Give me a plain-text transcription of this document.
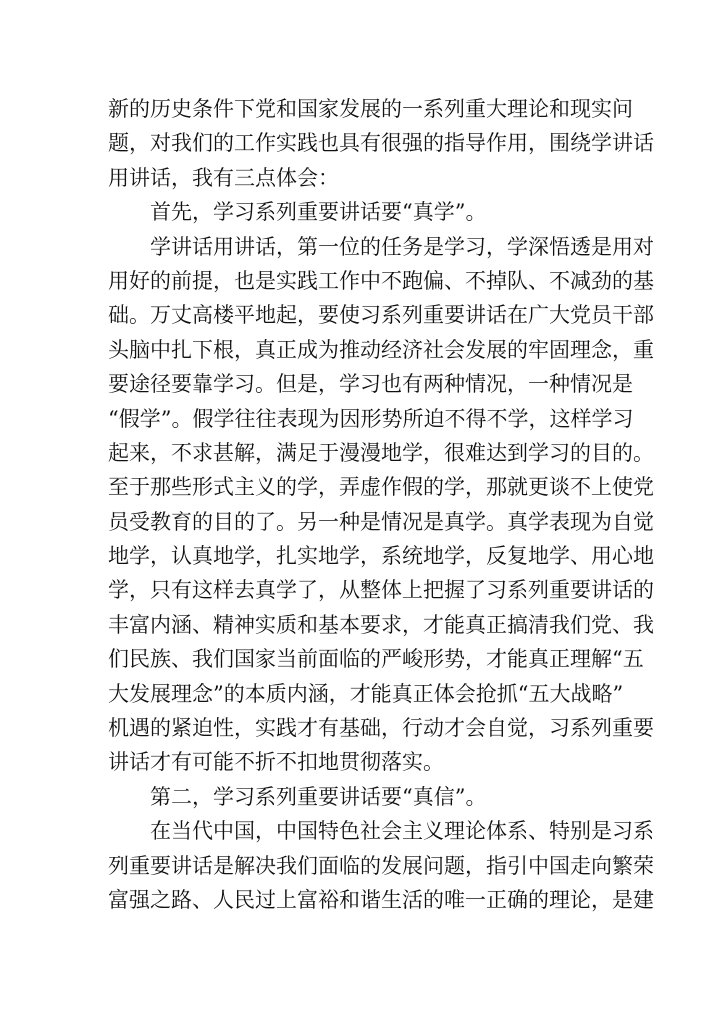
新的历史条件下党和国家发展的一系列重大理论和现实问
题，对我们的工作实践也具有很强的指导作用，围绕学讲话
用讲话，我有三点体会：
首先，学习系列重要讲话要“真学”。
学讲话用讲话，第一位的任务是学习，学深悟透是用对
用好的前提，也是实践工作中不跑偏、不掉队、不减劲的基
础。万丈高楼平地起，要使习系列重要讲话在广大党员干部
头脑中扎下根，真正成为推动经济社会发展的牢固理念，重
要途径要靠学习。但是，学习也有两种情况，一种情况是
“假学”。假学往往表现为因形势所迫不得不学，这样学习
起来，不求甚解，满足于漫漫地学，很难达到学习的目的。
至于那些形式主义的学，弄虚作假的学，那就更谈不上使党
员受教育的目的了。另一种是情况是真学。真学表现为自觉
地学，认真地学，扎实地学，系统地学，反复地学、用心地
学，只有这样去真学了，从整体上把握了习系列重要讲话的
丰富内涵、精神实质和基本要求，才能真正搞清我们党、我
们民族、我们国家当前面临的严峻形势，才能真正理解“五
大发展理念”的本质内涵，才能真正体会抢抓“五大战略”
机遇的紧迫性，实践才有基础，行动才会自觉，习系列重要
讲话才有可能不折不扣地贯彻落实。
第二，学习系列重要讲话要“真信”。
在当代中国，中国特色社会主义理论体系、特别是习系
列重要讲话是解决我们面临的发展问题，指引中国走向繁荣
富强之路、人民过上富裕和谐生活的唯一正确的理论，是建
